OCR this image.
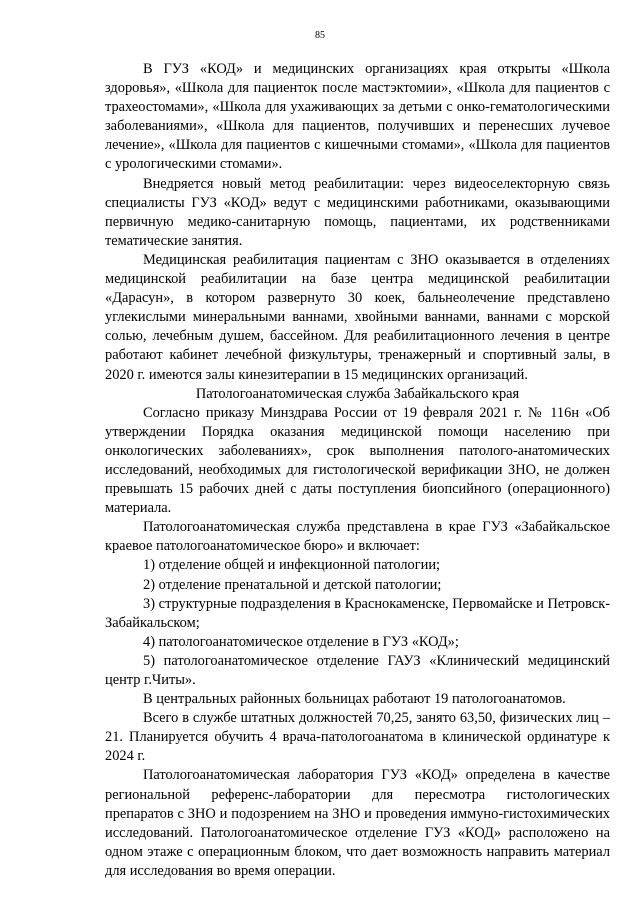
85

В ГУЗ «КОД» и медицинских организациях края открыты «Школа здоровья», «Школа для пациенток после мастэктомии», «Школа для пациентов с трахеостомами», «Школа для ухаживающих за детьми с онко-гематологическими заболеваниями», «Школа для пациентов, получивших и перенесших лучевое лечение», «Школа для пациентов с кишечными стомами», «Школа для пациентов с урологическими стомами».

Внедряется новый метод реабилитации: через видеоселекторную связь специалисты ГУЗ «КОД» ведут с медицинскими работниками, оказывающими первичную медико-санитарную помощь, пациентами, их родственниками тематические занятия.

Медицинская реабилитация пациентам с ЗНО оказывается в отделениях медицинской реабилитации на базе центра медицинской реабилитации «Дарасун», в котором развернуто 30 коек, бальнеолечение представлено углекислыми минеральными ваннами, хвойными ваннами, ваннами с морской солью, лечебным душем, бассейном. Для реабилитационного лечения в центре работают кабинет лечебной физкультуры, тренажерный и спортивный залы, в 2020 г. имеются залы кинезитерапии в 15 медицинских организаций.

Патологоанатомическая служба Забайкальского края

Согласно приказу Минздрава России от 19 февраля 2021 г. № 116н «Об утверждении Порядка оказания медицинской помощи населению при онкологических заболеваниях», срок выполнения патолого-анатомических исследований, необходимых для гистологической верификации ЗНО, не должен превышать 15 рабочих дней с даты поступления биопсийного (операционного) материала.

Патологоанатомическая служба представлена в крае ГУЗ «Забайкальское краевое патологоанатомическое бюро» и включает:

1) отделение общей и инфекционной патологии;

2) отделение пренатальной и детской патологии;

3) структурные подразделения в Краснокаменске, Первомайске и Петровск-Забайкальском;

4) патологоанатомическое отделение в ГУЗ «КОД»;

5) патологоанатомическое отделение ГАУЗ «Клинический медицинский центр г.Читы».

В центральных районных больницах работают 19 патологоанатомов.

Всего в службе штатных должностей 70,25, занято 63,50, физических лиц – 21. Планируется обучить 4 врача-патологоанатома в клинической ординатуре к 2024 г.

Патологоанатомическая лаборатория ГУЗ «КОД» определена в качестве региональной референс-лаборатории для пересмотра гистологических препаратов с ЗНО и подозрением на ЗНО и проведения иммуно-гистохимических исследований. Патологоанатомическое отделение ГУЗ «КОД» расположено на одном этаже с операционным блоком, что дает возможность направить материал для исследования во время операции.
